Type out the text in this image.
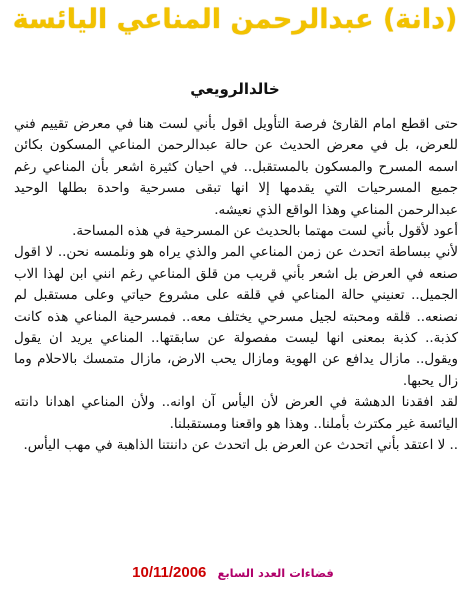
(دانة) عبدالرحمن المناعي اليائسة
خالدالرويعي

حتى اقطع امام القارئ فرصة التأويل اقول بأني لست هنا في معرض تقييم فني للعرض، بل في معرض الحديث عن حالة عبدالرحمن المناعي المسكون بكائن اسمه المسرح والمسكون بالمستقبل.. في احيان كثيرة اشعر بأن المناعي رغم جميع المسرحيات التي يقدمها إلا انها تبقى مسرحية واحدة بطلها الوحيد عبدالرحمن المناعي وهذا الواقع الذي نعيشه.

أعود لأقول بأني لست مهتما بالحديث عن المسرحية في هذه المساحة.

لأني ببساطة اتحدث عن زمن المناعي المر والذي يراه هو ونلمسه نحن.. لا اقول صنعه في العرض بل اشعر بأني قريب من قلق المناعي رغم انني ابن لهذا الاب الجميل.. تعنيني حالة المناعي في قلقه على مشروع حياتي وعلى مستقبل لم نصنعه.. قلقه ومحبته لجيل مسرحي يختلف معه.. فمسرحية المناعي هذه كانت كذبة.. كذبة بمعنى انها ليست مفصولة عن سابقتها.. المناعي يريد ان يقول ويقول.. مازال يدافع عن الهوية ومازال يحب الارض، مازال متمسك بالاحلام وما زال يحبها.

لقد افقدنا الدهشة في العرض لأن اليأس آن اوانه.. ولأن المناعي اهدانا دانته اليائسة غير مكترث بأملنا.. وهذا هو واقعنا ومستقبلنا.

.. لا اعتقد بأني اتحدث عن العرض بل اتحدث عن داننتنا الذاهبة في مهب اليأس.

فضاءات العدد السابع 10/11/2006
